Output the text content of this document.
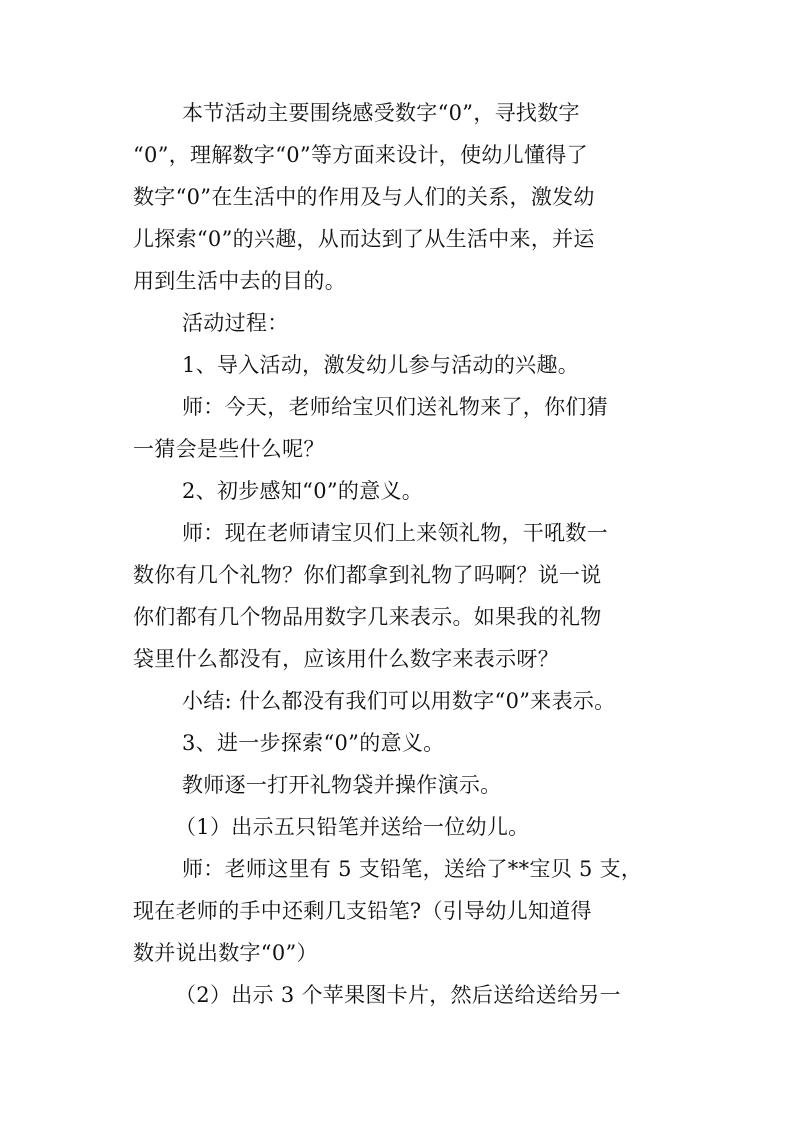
本节活动主要围绕感受数字“0”，寻找数字
“0”，理解数字“0”等方面来设计，使幼儿懂得了
数字“0”在生活中的作用及与人们的关系，激发幼
儿探索“0”的兴趣，从而达到了从生活中来，并运
用到生活中去的目的。
活动过程：
1、导入活动，激发幼儿参与活动的兴趣。
师：今天，老师给宝贝们送礼物来了，你们猜
一猜会是些什么呢？
2、初步感知“0”的意义。
师：现在老师请宝贝们上来领礼物，干吼数一
数你有几个礼物？你们都拿到礼物了吗啊？说一说
你们都有几个物品用数字几来表示。如果我的礼物
袋里什么都没有，应该用什么数字来表示呀？
小结: 什么都没有我们可以用数字“0”来表示。
3、进一步探索“0”的意义。
教师逐一打开礼物袋并操作演示。
（1）出示五只铅笔并送给一位幼儿。
师：老师这里有 5 支铅笔，送给了**宝贝 5 支，
现在老师的手中还剩几支铅笔?（引导幼儿知道得
数并说出数字“0”）
（2）出示 3 个苹果图卡片，然后送给送给另一
